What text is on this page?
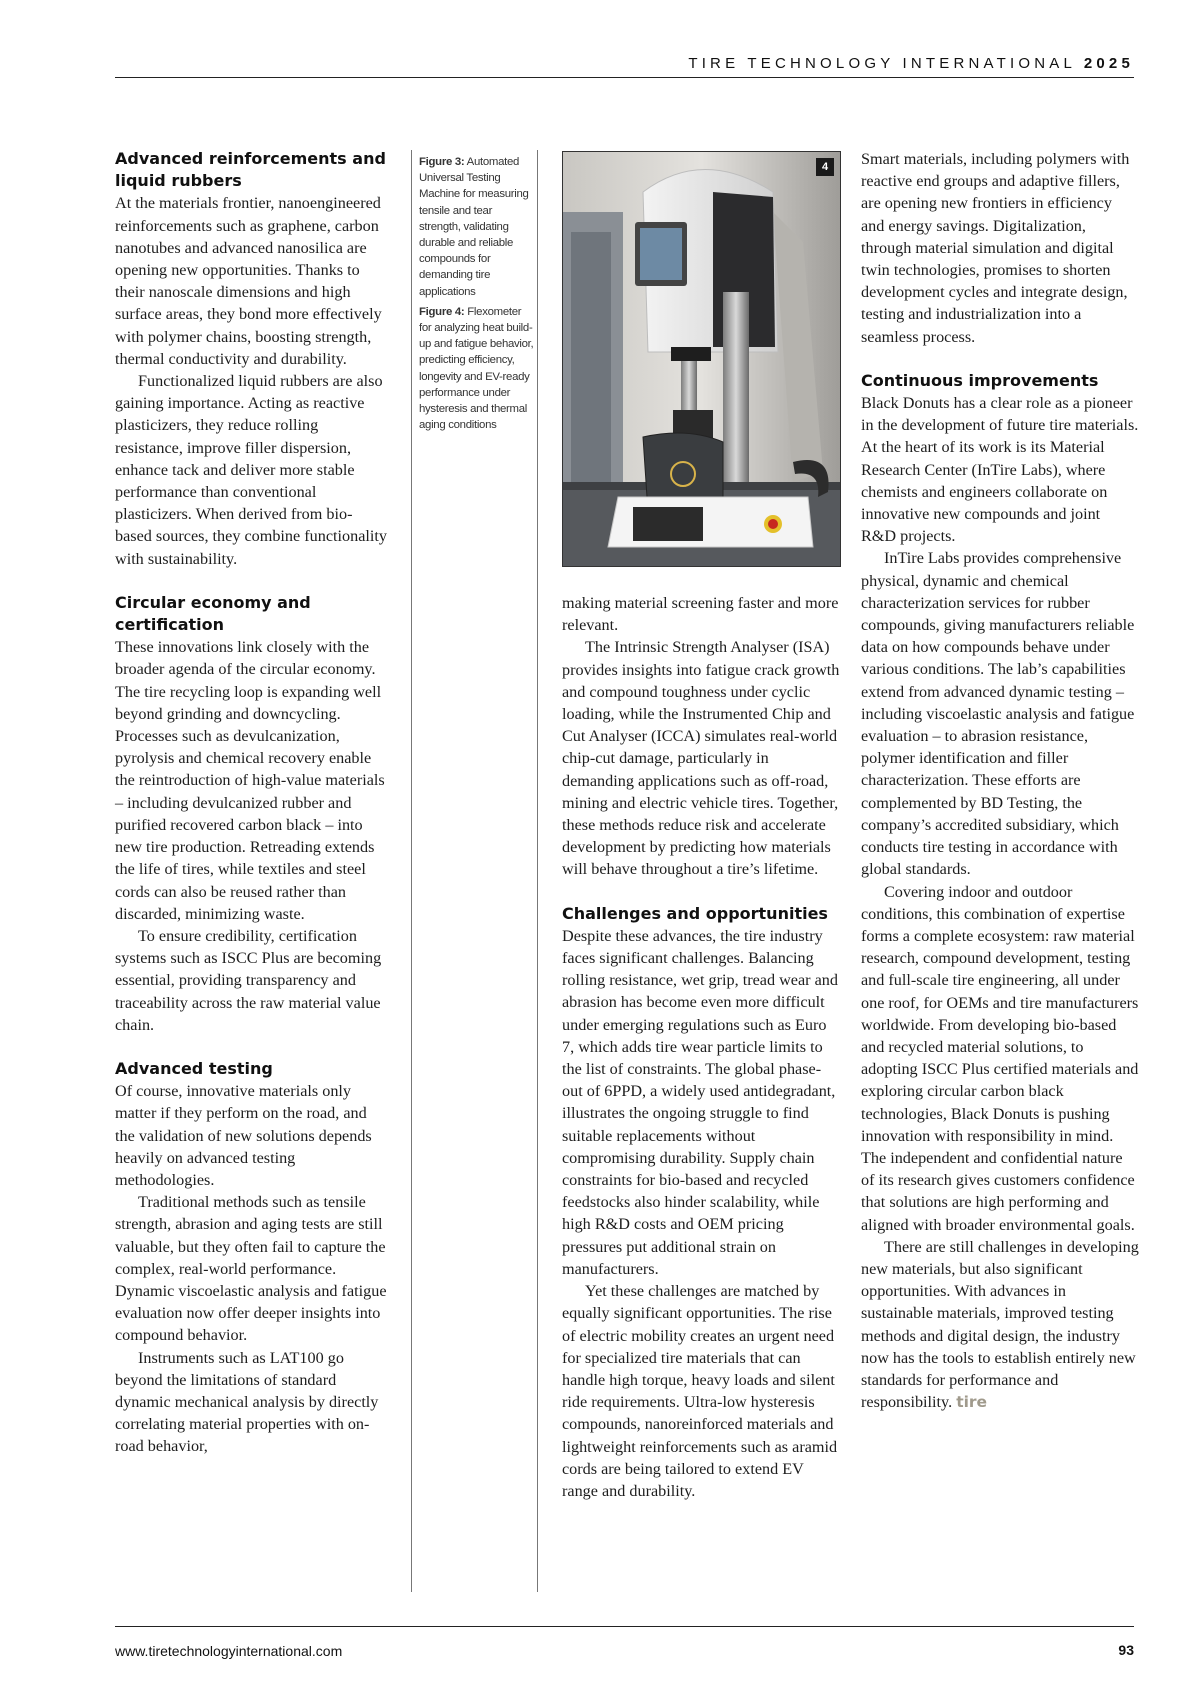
TIRE TECHNOLOGY INTERNATIONAL 2025
Advanced reinforcements and liquid rubbers

At the materials frontier, nanoengineered reinforcements such as graphene, carbon nanotubes and advanced nanosilica are opening new opportunities. Thanks to their nanoscale dimensions and high surface areas, they bond more effectively with polymer chains, boosting strength, thermal conductivity and durability.

Functionalized liquid rubbers are also gaining importance. Acting as reactive plasticizers, they reduce rolling resistance, improve filler dispersion, enhance tack and deliver more stable performance than conventional plasticizers. When derived from bio-based sources, they combine functionality with sustainability.

Circular economy and certification

These innovations link closely with the broader agenda of the circular economy. The tire recycling loop is expanding well beyond grinding and downcycling. Processes such as devulcanization, pyrolysis and chemical recovery enable the reintroduction of high-value materials – including devulcanized rubber and purified recovered carbon black – into new tire production. Retreading extends the life of tires, while textiles and steel cords can also be reused rather than discarded, minimizing waste.

To ensure credibility, certification systems such as ISCC Plus are becoming essential, providing transparency and traceability across the raw material value chain.

Advanced testing

Of course, innovative materials only matter if they perform on the road, and the validation of new solutions depends heavily on advanced testing methodologies.

Traditional methods such as tensile strength, abrasion and aging tests are still valuable, but they often fail to capture the complex, real-world performance. Dynamic viscoelastic analysis and fatigue evaluation now offer deeper insights into compound behavior.

Instruments such as LAT100 go beyond the limitations of standard dynamic mechanical analysis by directly correlating material properties with on-road behavior,

Figure 3: Automated Universal Testing Machine for measuring tensile and tear strength, validating durable and reliable compounds for demanding tire applications

Figure 4: Flexometer for analyzing heat build-up and fatigue behavior, predicting efficiency, longevity and EV-ready performance under hysteresis and thermal aging conditions

4

making material screening faster and more relevant.

The Intrinsic Strength Analyser (ISA) provides insights into fatigue crack growth and compound toughness under cyclic loading, while the Instrumented Chip and Cut Analyser (ICCA) simulates real-world chip-cut damage, particularly in demanding applications such as off-road, mining and electric vehicle tires. Together, these methods reduce risk and accelerate development by predicting how materials will behave throughout a tire’s lifetime.

Challenges and opportunities

Despite these advances, the tire industry faces significant challenges. Balancing rolling resistance, wet grip, tread wear and abrasion has become even more difficult under emerging regulations such as Euro 7, which adds tire wear particle limits to the list of constraints. The global phase-out of 6PPD, a widely used antidegradant, illustrates the ongoing struggle to find suitable replacements without compromising durability. Supply chain constraints for bio-based and recycled feedstocks also hinder scalability, while high R&D costs and OEM pricing pressures put additional strain on manufacturers.

Yet these challenges are matched by equally significant opportunities. The rise of electric mobility creates an urgent need for specialized tire materials that can handle high torque, heavy loads and silent ride requirements. Ultra-low hysteresis compounds, nanoreinforced materials and lightweight reinforcements such as aramid cords are being tailored to extend EV range and durability.

Smart materials, including polymers with reactive end groups and adaptive fillers, are opening new frontiers in efficiency and energy savings. Digitalization, through material simulation and digital twin technologies, promises to shorten development cycles and integrate design, testing and industrialization into a seamless process.

Continuous improvements

Black Donuts has a clear role as a pioneer in the development of future tire materials. At the heart of its work is its Material Research Center (InTire Labs), where chemists and engineers collaborate on innovative new compounds and joint R&D projects.

InTire Labs provides comprehensive physical, dynamic and chemical characterization services for rubber compounds, giving manufacturers reliable data on how compounds behave under various conditions. The lab’s capabilities extend from advanced dynamic testing – including viscoelastic analysis and fatigue evaluation – to abrasion resistance, polymer identification and filler characterization. These efforts are complemented by BD Testing, the company’s accredited subsidiary, which conducts tire testing in accordance with global standards.

Covering indoor and outdoor conditions, this combination of expertise forms a complete ecosystem: raw material research, compound development, testing and full-scale tire engineering, all under one roof, for OEMs and tire manufacturers worldwide. From developing bio-based and recycled material solutions, to adopting ISCC Plus certified materials and exploring circular carbon black technologies, Black Donuts is pushing innovation with responsibility in mind. The independent and confidential nature of its research gives customers confidence that solutions are high performing and aligned with broader environmental goals.

There are still challenges in developing new materials, but also significant opportunities. With advances in sustainable materials, improved testing methods and digital design, the industry now has the tools to establish entirely new standards for performance and responsibility. tire

www.tiretechnologyinternational.com	93
